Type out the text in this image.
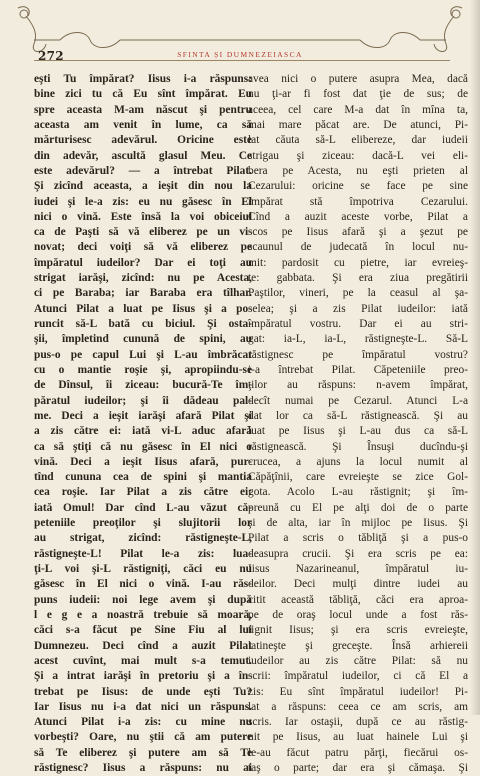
272	SFINTA ȘI DUMNEZEIASCA

eşti Tu împărat? Iisus i-a răspuns:
bine zici tu că Eu sînt împărat. Eu
spre aceasta M-am născut şi pentru
aceasta am venit în lume, ca să
mărturisesc adevărul. Oricine este
din adevăr, ascultă glasul Meu. Ce
este adevărul? — a întrebat Pilat.
Şi zicînd aceasta, a ieşit din nou la
iudei şi le-a zis: eu nu găsesc în El
nici o vină. Este însă la voi obiceiul
ca de Paşti să vă eliberez pe un vi-
novat; deci voiţi să vă eliberez pe
împăratul iudeilor? Dar ei toţi au
strigat iarăşi, zicînd: nu pe Acesta,
ci pe Baraba; iar Baraba era tîlhar.
Atunci Pilat a luat pe Iisus şi a po-
runcit să-L bată cu biciul. Şi osta-
şii, împletind cunună de spini, au
pus-o pe capul Lui şi L-au îmbrăcat
cu o mantie roşie şi, apropiindu-se
de Dînsul, îi ziceau: bucură-Te îm-
păratul iudeilor; şi îi dădeau pal-
me. Deci a ieşit iarăşi afară Pilat şi
a zis către ei: iată vi-L aduc afară
ca să ştiţi că nu găsesc în El nici o
vină. Deci a ieşit Iisus afară, pur-
tînd cununa cea de spini şi mantia
cea roşie. Iar Pilat a zis către ei:
iată Omul! Dar cînd L-au văzut că-
peteniile preoţilor şi slujitorii lor
au strigat, zicînd: răstigneşte-L,
răstigneşte-L! Pilat le-a zis: lua-
ţi-L voi şi-L răstigniţi, căci eu nu
găsesc în El nici o vină. I-au răs-
puns iudeii: noi lege avem şi după
l e g e a noastră trebuie să moară,
căci s-a făcut pe Sine Fiu al lui
Dumnezeu. Deci cînd a auzit Pilat
acest cuvînt, mai mult s-a temut.
Şi a intrat iarăşi în pretoriu şi a în-
trebat pe Iisus: de unde eşti Tu?
Iar Iisus nu i-a dat nici un răspuns.
Atunci Pilat i-a zis: cu mine nu
vorbeşti? Oare, nu ştii că am putere
să Te eliberez şi putere am să Te
răstignesc? Iisus a răspuns: nu ai

avea nici o putere asupra Mea, dacă
nu ţi-ar fi fost dat ţie de sus; de
aceea, cel care M-a dat în mîna ta,
mai mare păcat are. De atunci, Pi-
lat căuta să-L elibereze, dar iudeii
strigau şi ziceau: dacă-L vei eli-
bera pe Acesta, nu eşti prieten al
Cezarului: oricine se face pe sine
împărat stă împotriva Cezarului.
Cînd a auzit aceste vorbe, Pilat a
scos pe Iisus afară şi a şezut pe
scaunul de judecată în locul nu-
mit: pardosit cu pietre, iar evreieş-
te: gabbata. Şi era ziua pregătirii
Paştilor, vineri, pe la ceasul al şa-
selea; şi a zis Pilat iudeilor: iată
împăratul vostru. Dar ei au stri-
gat: ia-L, ia-L, răstigneşte-L. Să-L
răstignesc pe împăratul vostru?
i-a întrebat Pilat. Căpeteniile preo-
ţilor au răspuns: n-avem împărat,
decît numai pe Cezarul. Atunci L-a
dat lor ca să-L răstignească. Şi au
luat pe Iisus şi L-au dus ca să-L
răstignească. Şi Însuşi ducîndu-şi
crucea, a ajuns la locul numit al
Căpăţînii, care evreieşte se zice Gol-
gota. Acolo L-au răstignit; şi îm-
preună cu El pe alţi doi de o parte
şi de alta, iar în mijloc pe Iisus. Şi
Pilat a scris o tăbliţă şi a pus-o
deasupra crucii. Şi era scris pe ea:
Iisus Nazarineanul, împăratul iu-
deilor. Deci mulţi dintre iudei au
citit această tăbliţă, căci era aproa-
pe de oraş locul unde a fost răs-
tignit Iisus; şi era scris evreieşte,
latineşte şi greceşte. Însă arhiereii
iudeilor au zis către Pilat: să nu
scrii: împăratul iudeilor, ci că El a
zis: Eu sînt împăratul iudeilor! Pi-
lat a răspuns: ceea ce am scris, am
scris. Iar ostaşii, după ce au răstig-
nit pe Iisus, au luat hainele Lui şi
le-au făcut patru părţi, fiecărui os-
taş o parte; dar era şi cămaşa. Şi
